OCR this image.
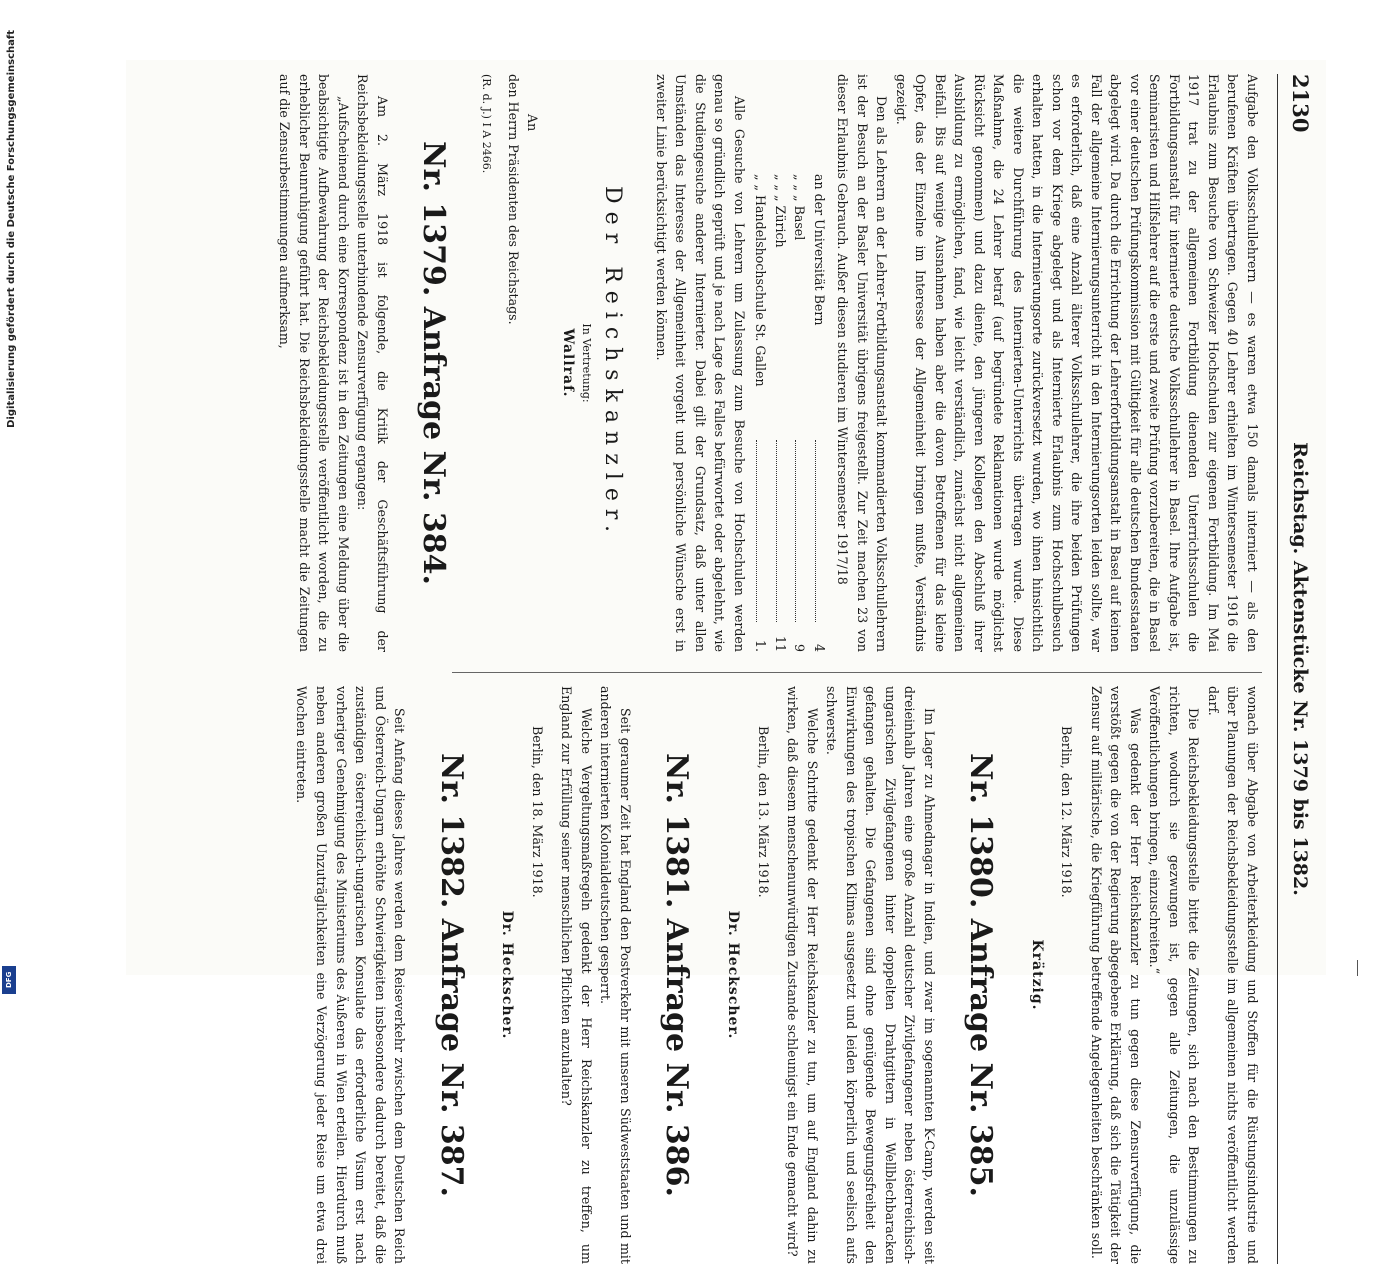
Digitalisierung gefördert durch die Deutsche Forschungsgemeinschaft
DFG
2130
Reichstag. Aktenstücke Nr. 1379 bis 1382.

Aufgabe den Volksschullehrern — es waren etwa 150 damals interniert — als den berufenen Kräften übertragen. Gegen 40 Lehrer erhielten im Wintersemester 1916 die Erlaubnis zum Besuche von Schweizer Hochschulen zur eigenen Fortbildung. Im Mai 1917 trat zu der allgemeinen Fortbildung dienenden Unterrichtsschulen die Fortbildungsanstalt für internierte deutsche Volksschullehrer in Basel. Ihre Aufgabe ist, Seminaristen und Hilfslehrer auf die erste und zweite Prüfung vorzubereiten, die in Basel vor einer deutschen Prüfungskommission mit Gültigkeit für alle deutschen Bundesstaaten abgelegt wird. Da durch die Errichtung der Lehrerfortbildungsanstalt in Basel auf keinen Fall der allgemeine Internierungsunterricht in den Internierungsorten leiden sollte, war es erforderlich, daß eine Anzahl älterer Volksschullehrer, die ihre beiden Prüfungen schon vor dem Kriege abgelegt und als Internierte Erlaubnis zum Hochschulbesuch erhalten hatten, in die Internierungsorte zurückversetzt wurden, wo ihnen hinsichtlich die weitere Durchführung des Internierten-Unterrichts übertragen wurde. Diese Maßnahme, die 24 Lehrer betraf (auf begründete Reklamationen wurde möglichst Rücksicht genommen) und dazu diente, den jüngeren Kollegen den Abschluß ihrer Ausbildung zu ermöglichen, fand, wie leicht verständlich, zunächst nicht allgemeinen Beifall. Bis auf wenige Ausnahmen haben aber die davon Betroffenen für das kleine Opfer, das der Einzelne im Interesse der Allgemeinheit bringen mußte, Verständnis gezeigt.

Den als Lehrern an der Lehrer-Fortbildungsanstalt kommandierten Volksschullehrern ist der Besuch an der Basler Universität übrigens freigestellt. Zur Zeit machen 23 von dieser Erlaubnis Gebrauch. Außer diesen studieren im Wintersemester 1917/18

an der Universität Bern
4
„ „ „ Basel
9
„ „ „ Zürich
11
„ „ Handelshochschule St. Gallen
1.

Alle Gesuche von Lehrern um Zulassung zum Besuche von Hochschulen werden genau so gründlich geprüft und je nach Lage des Falles befürwortet oder abgelehnt, wie die Studiengesuche anderer Internierter. Dabei gilt der Grundsatz, daß unter allen Umständen das Interesse der Allgemeinheit vorgeht und persönliche Wünsche erst in zweiter Linie berücksichtigt werden können.

Der Reichskanzler.
In Vertretung:
Wallraf.

An
den Herrn Präsidenten des Reichstags.

(R. d. J.) I A 2466.

Nr. 1379. Anfrage Nr. 384.

Am 2. März 1918 ist folgende, die Kritik der Geschäftsführung der Reichsbekleidungsstelle unterbindende Zensurverfügung ergangen:

„Aufscheinend durch eine Korrespondenz ist in den Zeitungen eine Meldung über die beabsichtigte Aufbewahrung der Reichsbekleidungsstelle veröffentlicht worden, die zu erheblicher Beunruhigung geführt hat. Die Reichsbekleidungsstelle macht die Zeitungen auf die Zensurbestimmungen aufmerksam,

wonach über Abgabe von Arbeiterkleidung und Stoffen für die Rüstungsindustrie und über Planungen der Reichsbekleidungsstelle im allgemeinen nichts veröffentlicht werden darf.

Die Reichsbekleidungsstelle bittet die Zeitungen, sich nach den Bestimmungen zu richten, wodurch sie gezwungen ist, gegen alle Zeitungen, die unzulässige Veröffentlichungen bringen, einzuschreiten.“

Was gedenkt der Herr Reichskanzler zu tun gegen diese Zensurverfügung, die verstößt gegen die von der Regierung abgegebene Erklärung, daß sich die Tätigkeit der Zensur auf militärische, die Kriegführung betreffende Angelegenheiten beschränken soll.

Berlin, den 12. März 1918.

Krätzig.
Nr. 1380. Anfrage Nr. 385.

Im Lager zu Ahmednagar in Indien, und zwar im sogenannten K-Camp, werden seit dreieinhalb Jahren eine große Anzahl deutscher Zivilgefangener neben österreichisch-ungarischen Zivilgefangenen hinter doppelten Drahtgittern in Wellblechbaracken gefangen gehalten. Die Gefangenen sind ohne genügende Bewegungsfreiheit den Einwirkungen des tropischen Klimas ausgesetzt und leiden körperlich und seelisch aufs schwerste.

Welche Schritte gedenkt der Herr Reichskanzler zu tun, um auf England dahin zu wirken, daß diesem menschenunwürdigen Zustande schleunigst ein Ende gemacht wird?

Berlin, den 13. März 1918.

Dr. Heckscher.
Nr. 1381. Anfrage Nr. 386.

Seit geraumer Zeit hat England den Postverkehr mit unseren Südweststaaten und mit anderen internierten Kolonialdeutschen gesperrt.

Welche Vergeltungsmaßregeln gedenkt der Herr Reichskanzler zu treffen, um England zur Erfüllung seiner menschlichen Pflichten anzuhalten?

Berlin, den 18. März 1918.

Dr. Heckscher.
Nr. 1382. Anfrage Nr. 387.

Seit Anfang dieses Jahres werden dem Reiseverkehr zwischen dem Deutschen Reich und Österreich-Ungarn erhöhte Schwierigkeiten insbesondere dadurch bereitet, daß die zuständigen österreichisch-ungarischen Konsulate das erforderliche Visum erst nach vorheriger Genehmigung des Ministeriums des Äußeren in Wien erteilen. Hierdurch muß neben anderen großen Unzuträglichkeiten eine Verzögerung jeder Reise um etwa drei Wochen eintreten.
